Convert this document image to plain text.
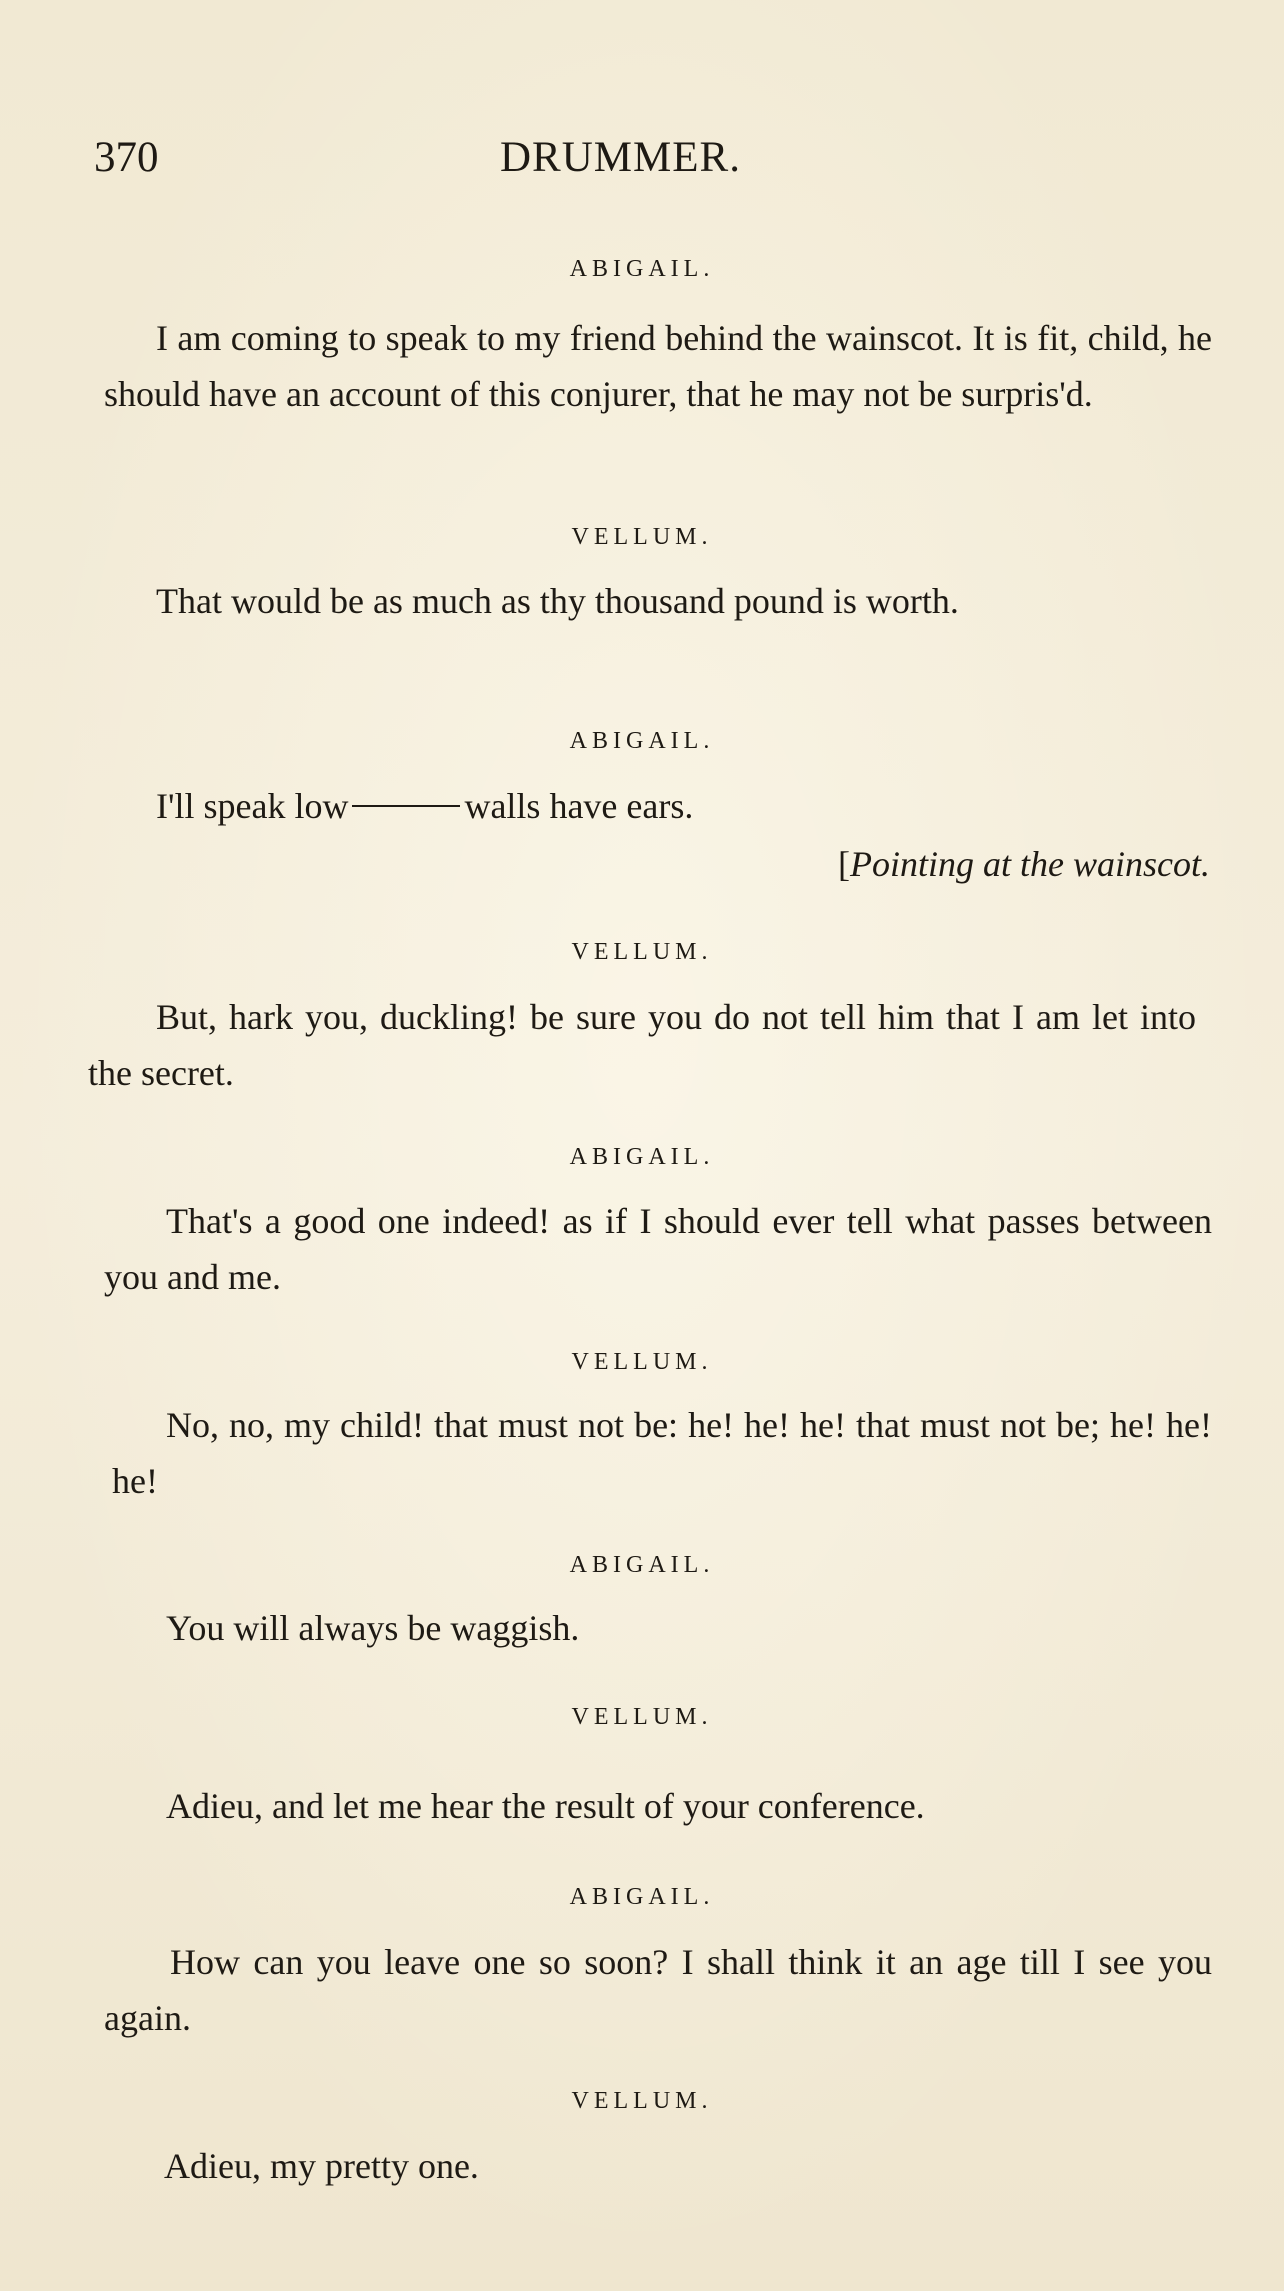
370	DRUMMER.
ABIGAIL.
I am coming to speak to my friend behind the wainscot. It is fit, child, he should have an account of this conjurer, that he may not be surpris'd.
VELLUM.
That would be as much as thy thousand pound is worth.
ABIGAIL.
I'll speak low	walls have ears.
[Pointing at the wainscot.
VELLUM.
But, hark you, duckling! be sure you do not tell him that I am let into the secret.
ABIGAIL.
That's a good one indeed! as if I should ever tell what passes between you and me.
VELLUM.
No, no, my child! that must not be: he! he! he! that must not be; he! he! he!
ABIGAIL.
You will always be waggish.
VELLUM.
Adieu, and let me hear the result of your conference.
ABIGAIL.
How can you leave one so soon? I shall think it an age till I see you again.
VELLUM.
Adieu, my pretty one.
